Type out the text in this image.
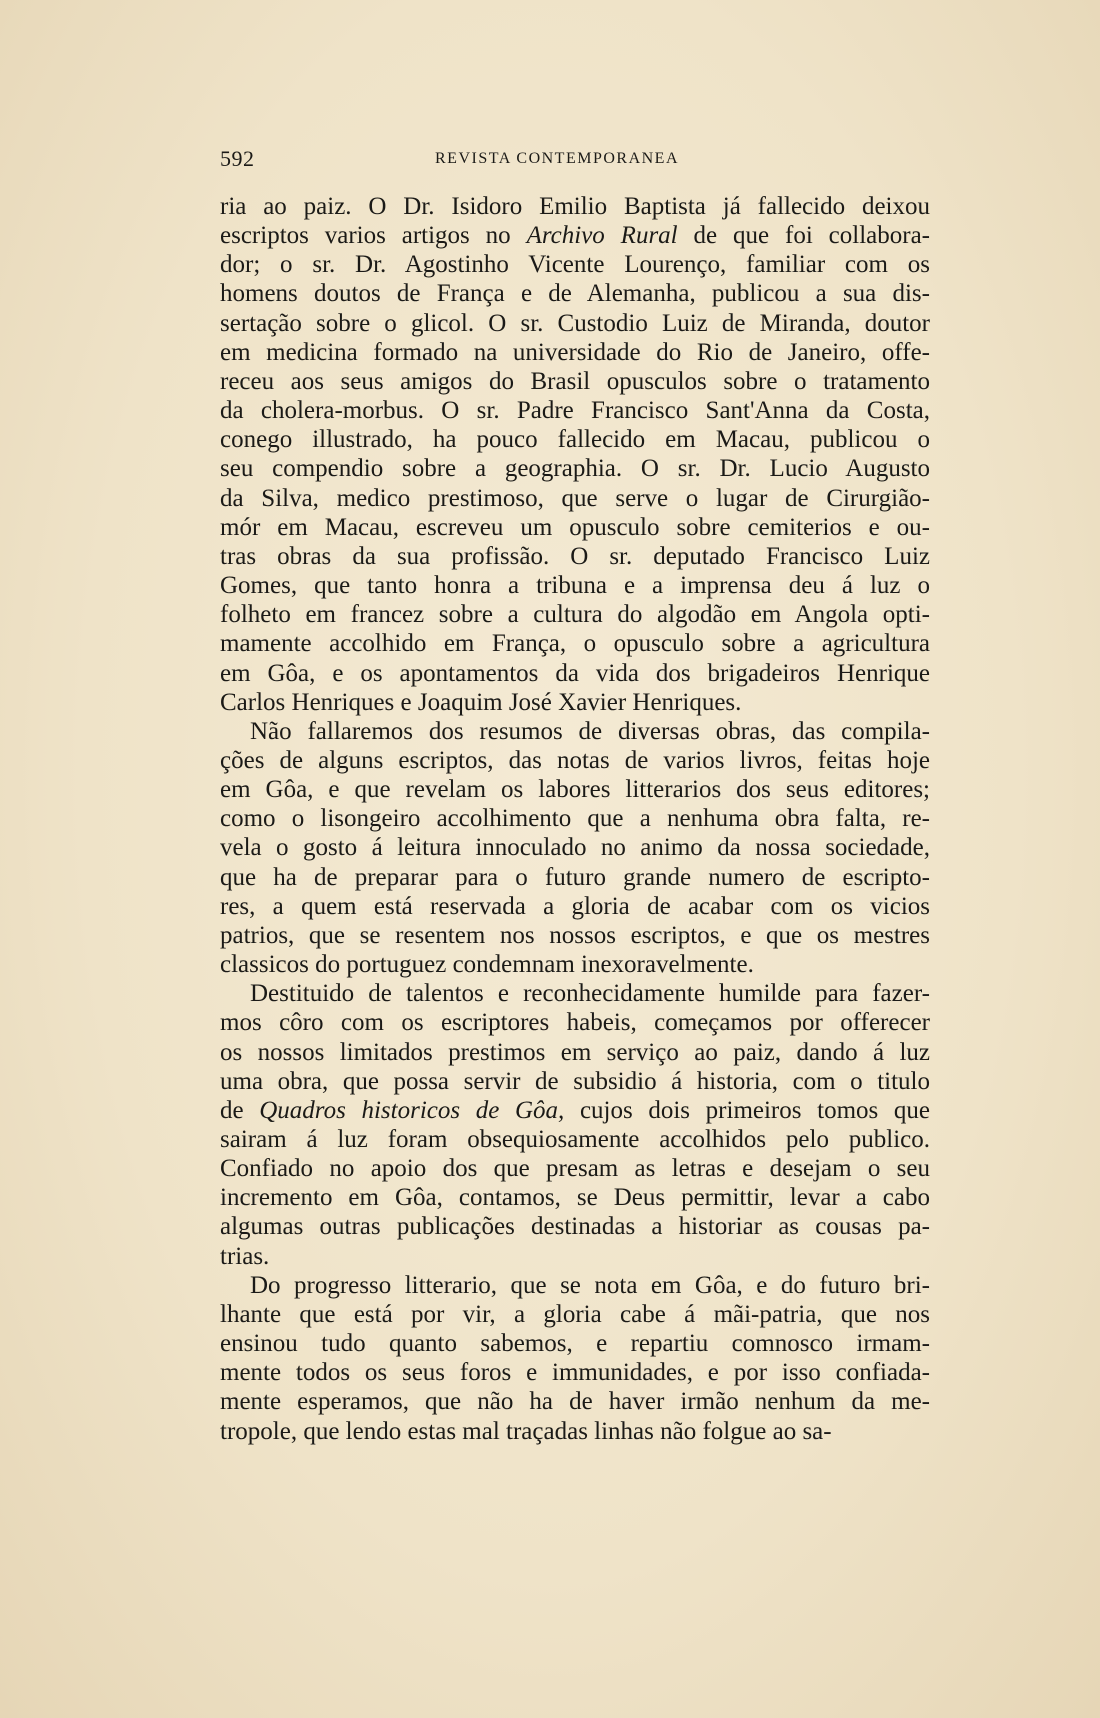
592	REVISTA CONTEMPORANEA

ria ao paiz. O Dr. Isidoro Emilio Baptista já fallecido deixou
escriptos varios artigos no Archivo Rural de que foi collabora-
dor; o sr. Dr. Agostinho Vicente Lourenço, familiar com os
homens doutos de França e de Alemanha, publicou a sua dis-
sertação sobre o glicol. O sr. Custodio Luiz de Miranda, doutor
em medicina formado na universidade do Rio de Janeiro, offe-
receu aos seus amigos do Brasil opusculos sobre o tratamento
da cholera-morbus. O sr. Padre Francisco Sant'Anna da Costa,
conego illustrado, ha pouco fallecido em Macau, publicou o
seu compendio sobre a geographia. O sr. Dr. Lucio Augusto
da Silva, medico prestimoso, que serve o lugar de Cirurgião-
mór em Macau, escreveu um opusculo sobre cemiterios e ou-
tras obras da sua profissão. O sr. deputado Francisco Luiz
Gomes, que tanto honra a tribuna e a imprensa deu á luz o
folheto em francez sobre a cultura do algodão em Angola opti-
mamente accolhido em França, o opusculo sobre a agricultura
em Gôa, e os apontamentos da vida dos brigadeiros Henrique
Carlos Henriques e Joaquim José Xavier Henriques.

Não fallaremos dos resumos de diversas obras, das compila-
ções de alguns escriptos, das notas de varios livros, feitas hoje
em Gôa, e que revelam os labores litterarios dos seus editores;
como o lisongeiro accolhimento que a nenhuma obra falta, re-
vela o gosto á leitura innoculado no animo da nossa sociedade,
que ha de preparar para o futuro grande numero de escripto-
res, a quem está reservada a gloria de acabar com os vicios
patrios, que se resentem nos nossos escriptos, e que os mestres
classicos do portuguez condemnam inexoravelmente.

Destituido de talentos e reconhecidamente humilde para fazer-
mos côro com os escriptores habeis, começamos por offerecer
os nossos limitados prestimos em serviço ao paiz, dando á luz
uma obra, que possa servir de subsidio á historia, com o titulo
de Quadros historicos de Gôa, cujos dois primeiros tomos que
sairam á luz foram obsequiosamente accolhidos pelo publico.
Confiado no apoio dos que presam as letras e desejam o seu
incremento em Gôa, contamos, se Deus permittir, levar a cabo
algumas outras publicações destinadas a historiar as cousas pa-
trias.

Do progresso litterario, que se nota em Gôa, e do futuro bri-
lhante que está por vir, a gloria cabe á mãi-patria, que nos
ensinou tudo quanto sabemos, e repartiu comnosco irmam-
mente todos os seus foros e immunidades, e por isso confiada-
mente esperamos, que não ha de haver irmão nenhum da me-
tropole, que lendo estas mal traçadas linhas não folgue ao sa-
